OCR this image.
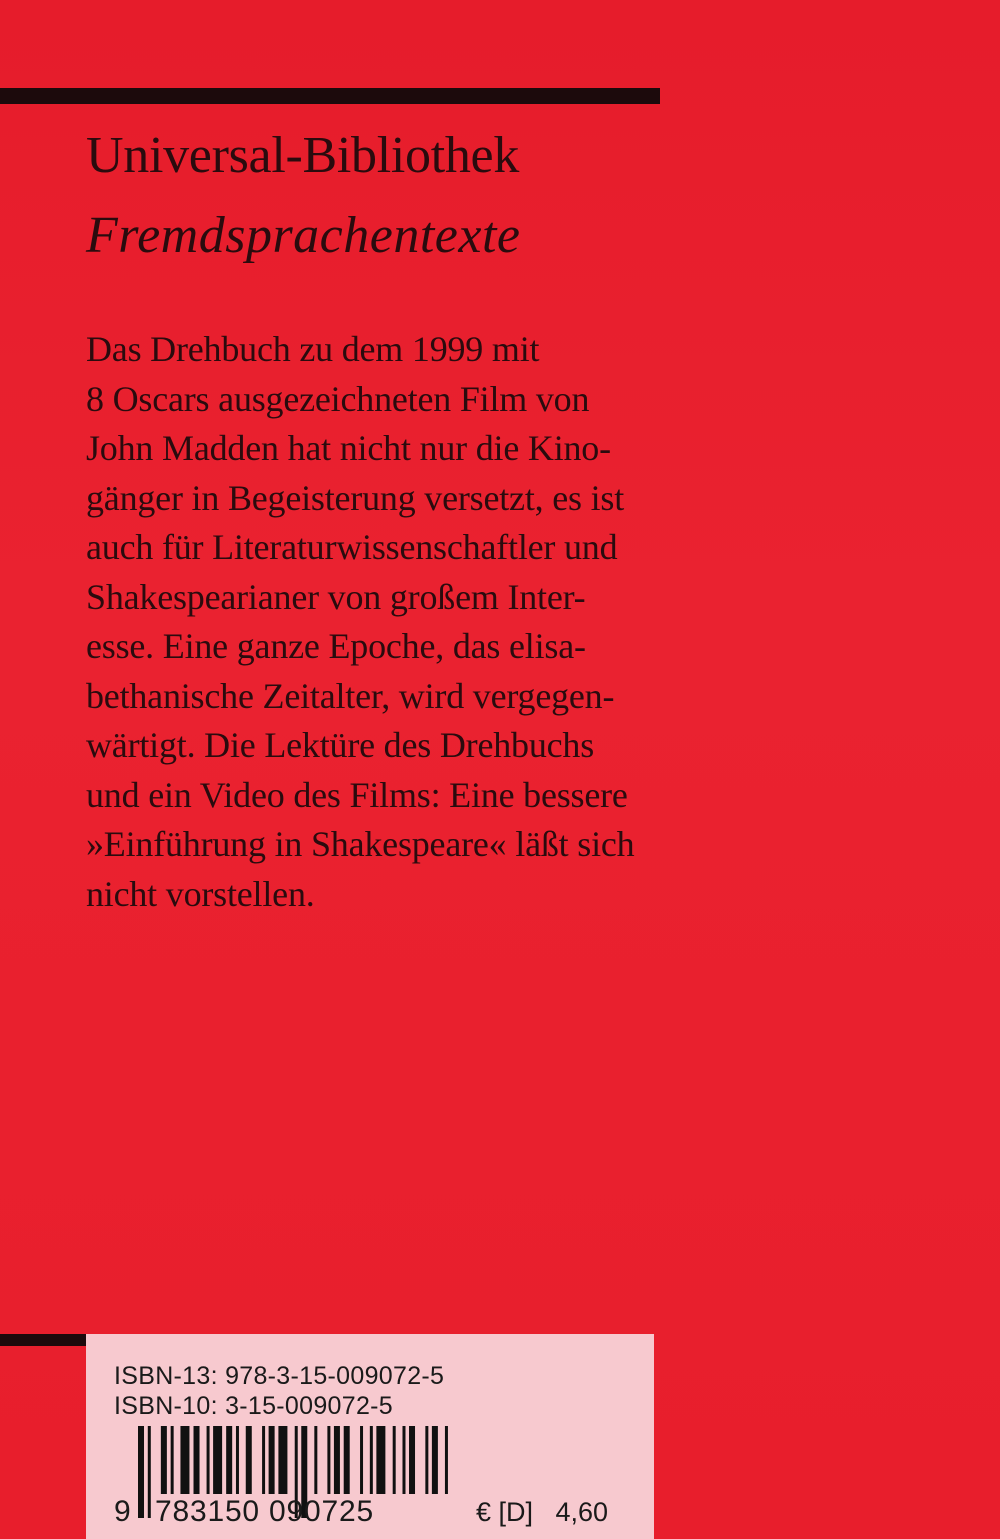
Universal-Bibliothek
Fremdsprachentexte
Das Drehbuch zu dem 1999 mit
8 Oscars ausgezeichneten Film von
John Madden hat nicht nur die Kino-
gänger in Begeisterung versetzt, es ist
auch für Literaturwissenschaftler und
Shakespearianer von großem Inter-
esse. Eine ganze Epoche, das elisa-
bethanische Zeitalter, wird vergegen-
wärtigt. Die Lektüre des Drehbuchs
und ein Video des Films: Eine bessere
»Einführung in Shakespeare« läßt sich
nicht vorstellen.
ISBN-13: 978-3-15-009072-5
ISBN-10: 3-15-009072-5
9 783150 090725	€ [D]   4,60
